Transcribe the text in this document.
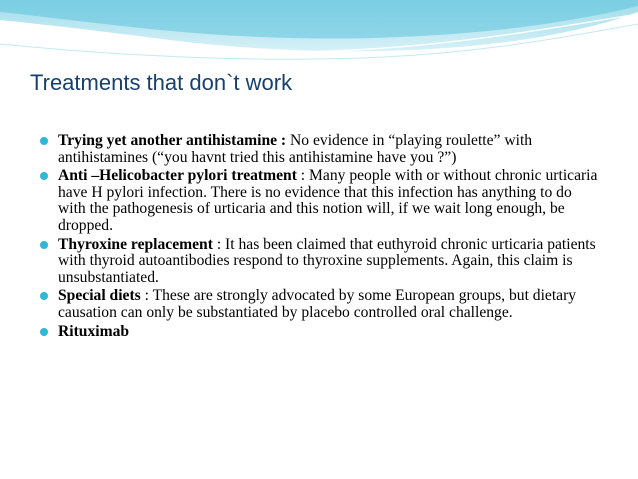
Treatments that don`t work
Trying yet another antihistamine : No evidence in “playing roulette” with antihistamines (“you havnt tried this antihistamine have you ?”)
Anti –Helicobacter pylori treatment : Many people with or without chronic urticaria have H pylori infection. There is no evidence that this infection has anything to do with the pathogenesis of urticaria and this notion will, if we wait long enough, be dropped.
Thyroxine replacement : It has been claimed that euthyroid chronic urticaria patients with thyroid autoantibodies respond to thyroxine supplements. Again, this claim is unsubstantiated.
Special diets : These are strongly advocated by some European groups, but dietary causation can only be substantiated by placebo controlled oral challenge.
Rituximab
